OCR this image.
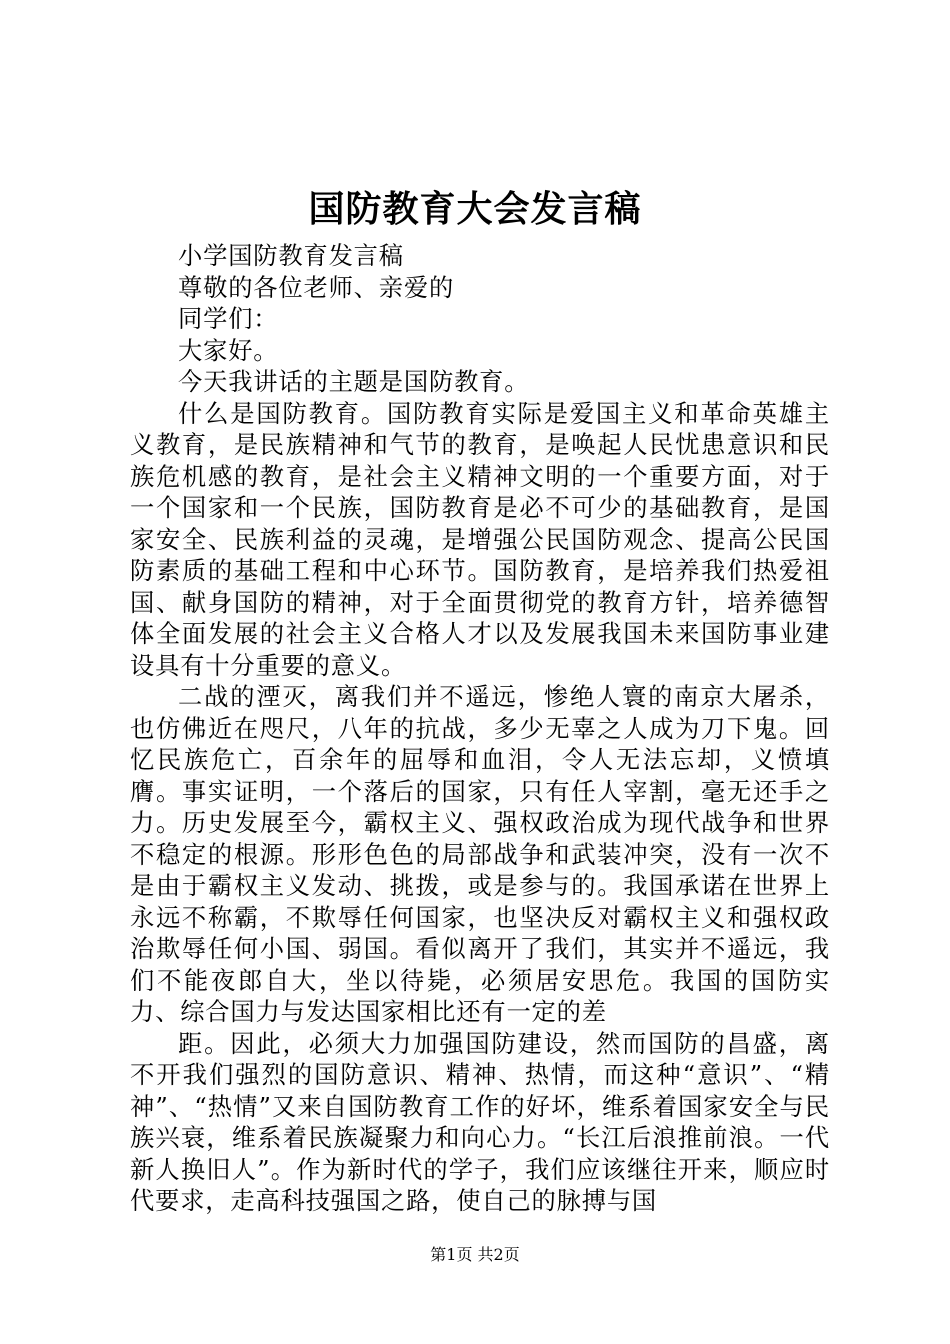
国防教育大会发言稿

小学国防教育发言稿

尊敬的各位老师、亲爱的

同学们：

大家好。

今天我讲话的主题是国防教育。

什么是国防教育。国防教育实际是爱国主义和革命英雄主义教育，是民族精神和气节的教育，是唤起人民忧患意识和民族危机感的教育，是社会主义精神文明的一个重要方面，对于一个国家和一个民族，国防教育是必不可少的基础教育，是国家安全、民族利益的灵魂，是增强公民国防观念、提高公民国防素质的基础工程和中心环节。国防教育，是培养我们热爱祖国、献身国防的精神，对于全面贯彻党的教育方针，培养德智体全面发展的社会主义合格人才以及发展我国未来国防事业建设具有十分重要的意义。

二战的湮灭，离我们并不遥远，惨绝人寰的南京大屠杀，也仿佛近在咫尺，八年的抗战，多少无辜之人成为刀下鬼。回忆民族危亡，百余年的屈辱和血泪，令人无法忘却，义愤填膺。事实证明，一个落后的国家，只有任人宰割，毫无还手之力。历史发展至今，霸权主义、强权政治成为现代战争和世界不稳定的根源。形形色色的局部战争和武装冲突，没有一次不是由于霸权主义发动、挑拨，或是参与的。我国承诺在世界上永远不称霸，不欺辱任何国家，也坚决反对霸权主义和强权政治欺辱任何小国、弱国。看似离开了我们，其实并不遥远，我们不能夜郎自大，坐以待毙，必须居安思危。我国的国防实力、综合国力与发达国家相比还有一定的差

距。因此，必须大力加强国防建设，然而国防的昌盛，离不开我们强烈的国防意识、精神、热情，而这种“意识”、“精神”、“热情”又来自国防教育工作的好坏，维系着国家安全与民族兴衰，维系着民族凝聚力和向心力。“长江后浪推前浪。一代新人换旧人”。作为新时代的学子，我们应该继往开来，顺应时代要求，走高科技强国之路，使自己的脉搏与国

第1页 共2页
